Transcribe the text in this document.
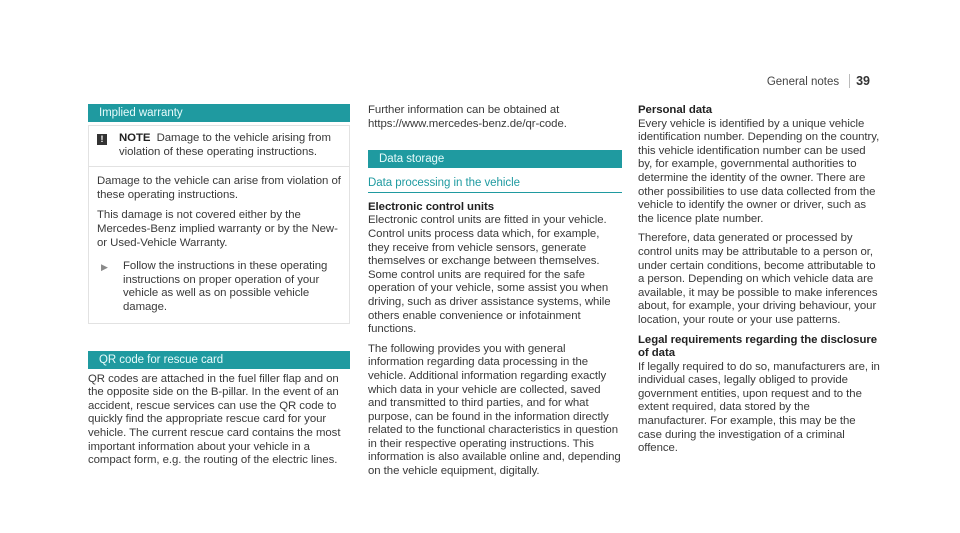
General notes	39
Implied warranty
!	NOTE Damage to the vehicle arising from violation of these operating instructions.

Damage to the vehicle can arise from violation of these operating instructions.

This damage is not covered either by the Mercedes-Benz implied warranty or by the New- or Used-Vehicle Warranty.

▶	Follow the instructions in these operating instructions on proper operation of your vehicle as well as on possible vehicle damage.
QR code for rescue card

QR codes are attached in the fuel filler flap and on the opposite side on the B-pillar. In the event of an accident, rescue services can use the QR code to quickly find the appropriate rescue card for your vehicle. The current rescue card contains the most important information about your vehicle in a compact form, e.g. the routing of the electric lines.

Further information can be obtained at https://www.mercedes-benz.de/qr-code.

Data storage
Data processing in the vehicle

Electronic control units

Electronic control units are fitted in your vehicle. Control units process data which, for example, they receive from vehicle sensors, generate themselves or exchange between themselves. Some control units are required for the safe operation of your vehicle, some assist you when driving, such as driver assistance systems, while others enable convenience or infotainment functions.

The following provides you with general information regarding data processing in the vehicle. Additional information regarding exactly which data in your vehicle are collected, saved and transmitted to third parties, and for what purpose, can be found in the information directly related to the functional characteristics in question in their respective operating instructions. This information is also available online and, depending on the vehicle equipment, digitally.

Personal data

Every vehicle is identified by a unique vehicle identification number. Depending on the country, this vehicle identification number can be used by, for example, governmental authorities to determine the identity of the owner. There are other possibilities to use data collected from the vehicle to identify the owner or driver, such as the licence plate number.

Therefore, data generated or processed by control units may be attributable to a person or, under certain conditions, become attributable to a person. Depending on which vehicle data are available, it may be possible to make inferences about, for example, your driving behaviour, your location, your route or your use patterns.

Legal requirements regarding the disclosure of data

If legally required to do so, manufacturers are, in individual cases, legally obliged to provide government entities, upon request and to the extent required, data stored by the manufacturer. For example, this may be the case during the investigation of a criminal offence.
